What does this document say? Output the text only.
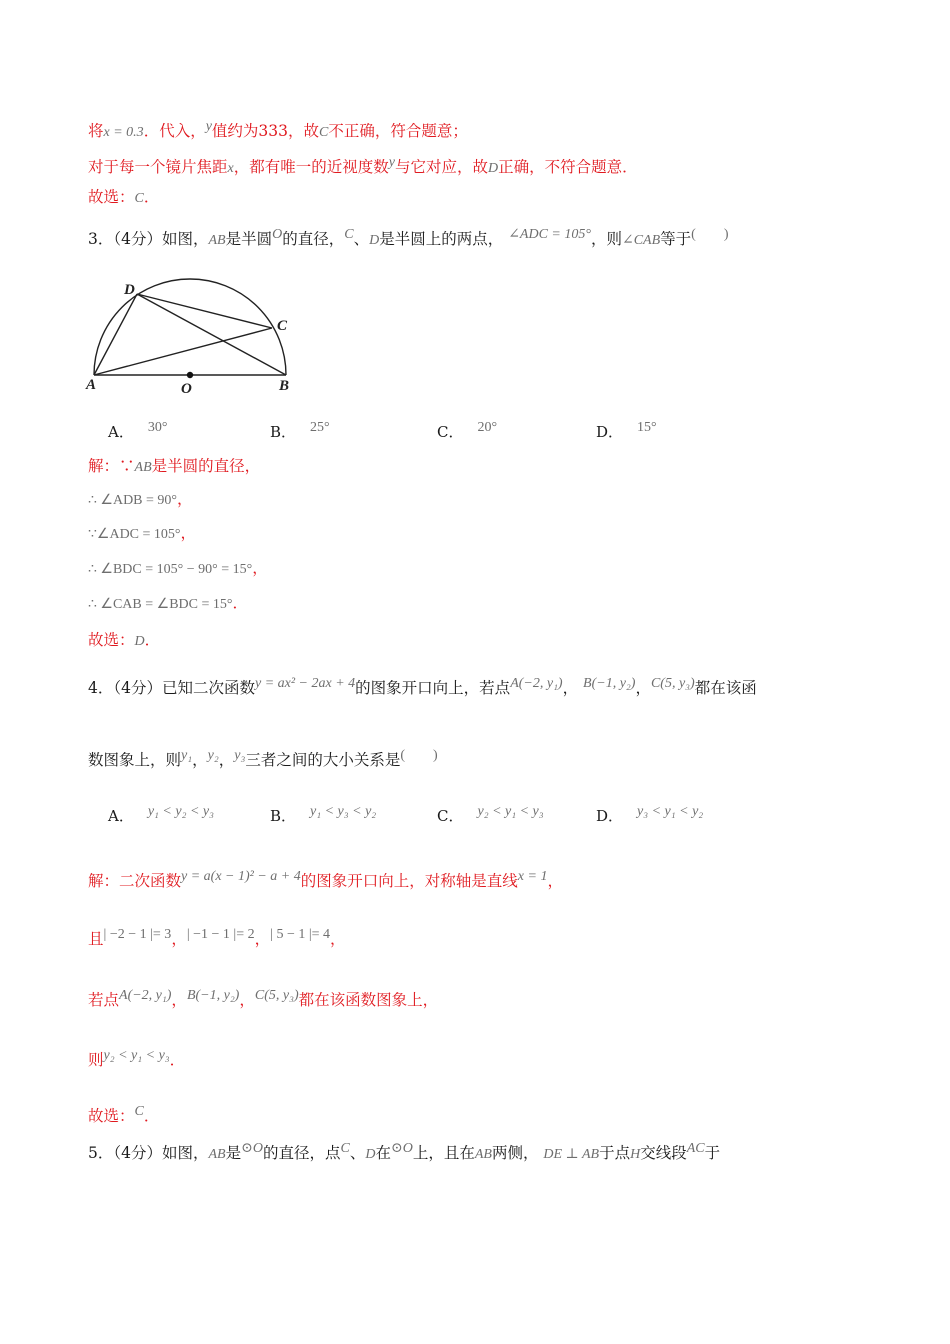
将x = 0.3．代入，$^y$值约为333，故C不正确，符合题意；
对于每一个镜片焦距x，都有唯一的近视度数$^y$与它对应，故D正确，不符合题意．
故选：C．
3．（4分）如图，AB是半圆$^O$的直径，$^C$、D是半圆上的两点， $^{\angle ADC = 105^\circ}$，则∠CAB等于(　　)
A	B
C
D
O
A． $^{30^\circ}$	B． $^{25^\circ}$	C． $^{20^\circ}$	D． $^{15^\circ}$
解：∵AB是半圆的直径，
∴ ∠ADB = 90°，
∵∠ADC = 105°，
∴ ∠BDC = 105° − 90° = 15°，
∴ ∠CAB = ∠BDC = 15°．
故选：D．
4．（4分）已知二次函数$^{y = ax^2 - 2ax + 4}$的图象开口向上，若点$^{A(-2, y_1)}$， $^{B(-1, y_2)}$，$^{C(5, y_3)}$都在该函
数图象上，则$^{y_1}$，$^{y_2}$，$^{y_3}$三者之间的大小关系是(　　)
A． $^{y_1 < y_2 < y_3}$	B． $^{y_1 < y_3 < y_2}$	C． $^{y_2 < y_1 < y_3}$	D． $^{y_3 < y_1 < y_2}$
解：二次函数$^{y = a(x - 1)^2 - a + 4}$的图象开口向上，对称轴是直线$^{x = 1}$，
且$^{| -2 - 1 |= 3}$，$^{| -1 - 1 |= 2}$，$^{| 5 - 1 |= 4}$，
若点$^{A(-2, y_1)}$，$^{B(-1, y_2)}$，$^{C(5, y_3)}$都在该函数图象上，
则$^{y_2 < y_1 < y_3}$．
故选：$^C$．
5．（4分）如图，AB是$^{⊙O}$的直径，点$^C$、D在$^{⊙O}$上，且在AB两侧， DE ⊥ AB于点H交线段$^{AC}$于
